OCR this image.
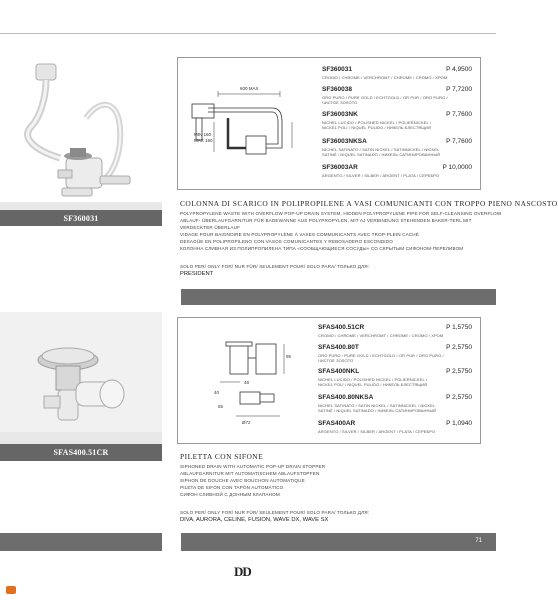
SF360031
600 MAX
MIN 160
MAX 190
SF360031	P 4,9500
CROMO / CHROME / VERCHROMT / CHROME / CROMO / ХРОМ
SF360038	P 7,7200
ORO PURO / PURE GOLD / ECHTGOLD / OR PUR / ORO PURO /
ЧИСТОЕ ЗОЛОТО
SF36003NK	P 7,7600
NICHEL LUCIDO / POLISHED NICKEL / POLIERNICKEL /
NICKEL POLI / NIQUEL PULIDO / НИКЕЛЬ БЛЕСТЯЩИЙ
SF36003NKSA	P 7,7600
NICHEL SATINATO / SATIN NICKEL / SATINNICKEL / NICKEL
SATINÉ / NIQUEL SATINADO / НИКЕЛЬ САТИНИРОВАННЫЙ
SF36003AR	P 10,0000
ARGENTO / SILVER / SILBER / ARGENT / PLATA / СЕРЕБРО
COLONNA DI SCARICO IN POLIPROPILENE A VASI COMUNICANTI CON TROPPO PIENO NASCOSTO
POLYPROPYLENE WASTE WITH OVERFLOW POP-UP DRAIN SYSTEM, HIDDEN POLYPROPYLENE PIPE FOR SELF-CLEANSING OVERFLOW
ABLAUF- ÜBERLAUFGARNITUR FÜR BADEWANNE AUS POLYPROPYLEN, MIT AJ VERBINDUNG STEHENDEN BAKER-TERL MIT
VERDECKTER ÜBERLAUF
VIDAGE POUR BAIGNOIRE EN POLYPROPYLÈNE À VASES COMMUNICANTS AVEC TROP-PLEIN CACHÉ
DESAGÜE EN POLIPROPILENO CON VASOS COMUNICANTES Y REBOSADERO ESCONDIDO
КОЛОННА СЛИВНАЯ ИЗ ПОЛИПРОПИЛЕНА ТИПА «СООБЩАЮЩИЕСЯ СОСУДЫ» СО СКРЫТЫМ СИФОНОМ-ПЕРЕЛИВОМ
SOLO PER/ ONLY FOR/ NUR FÜR/ SEULEMENT POUR/ SOLO PARA/ ТОЛЬКО ДЛЯ:
PRESIDENT
SFAS400.51CR
48
95
65
Ø72
40
SFAS400.51CR	P 1,5750
CROMO / CHROME / VERCHROMT / CHROME / CROMO / ХРОМ
SFAS400.80T	P 2,5750
ORO PURO / PURE GOLD / ECHTGOLD / OR PUR / ORO PURO /
ЧИСТОЕ ЗОЛОТО
SFAS400NKL	P 2,5750
NICHEL LUCIDO / POLISHED NICKEL / POLIERNICKEL /
NICKEL POLI / NIQUEL PULIDO / НИКЕЛЬ БЛЕСТЯЩИЙ
SFAS400.80NKSA	P 2,5750
NICHEL SATINATO / SATIN NICKEL / SATINNICKEL / NICKEL
SATINÉ / NIQUEL SATINADO / НИКЕЛЬ САТИНИРОВАННЫЙ
SFAS400AR	P 1,0940
ARGENTO / SILVER / SILBER / ARGENT / PLATA / СЕРЕБРО
PILETTA CON SIFONE
SIPHONED DRAIN WITH AUTOMATIC POP-UP DRAIN STOPPER
ABLAUFGARNITUR MIT AUTOMATISCHEM ABLAUFSTOPFEN
SIPHON DE DOUCHE AVEC BOUCHON AUTOMATIQUE
PILETA DE SIFÓN CON TAPÓN AUTOMÁTICO
СИФОН СЛИВНОЙ С ДОННЫМ КЛАПАНОМ
SOLO PER/ ONLY FOR/ NUR FÜR/ SEULEMENT POUR/ SOLO PARA/ ТОЛЬКО ДЛЯ:
DIVA, AURORA, CELINE, FUSION, WAVE DX, WAVE SX
71
DD
